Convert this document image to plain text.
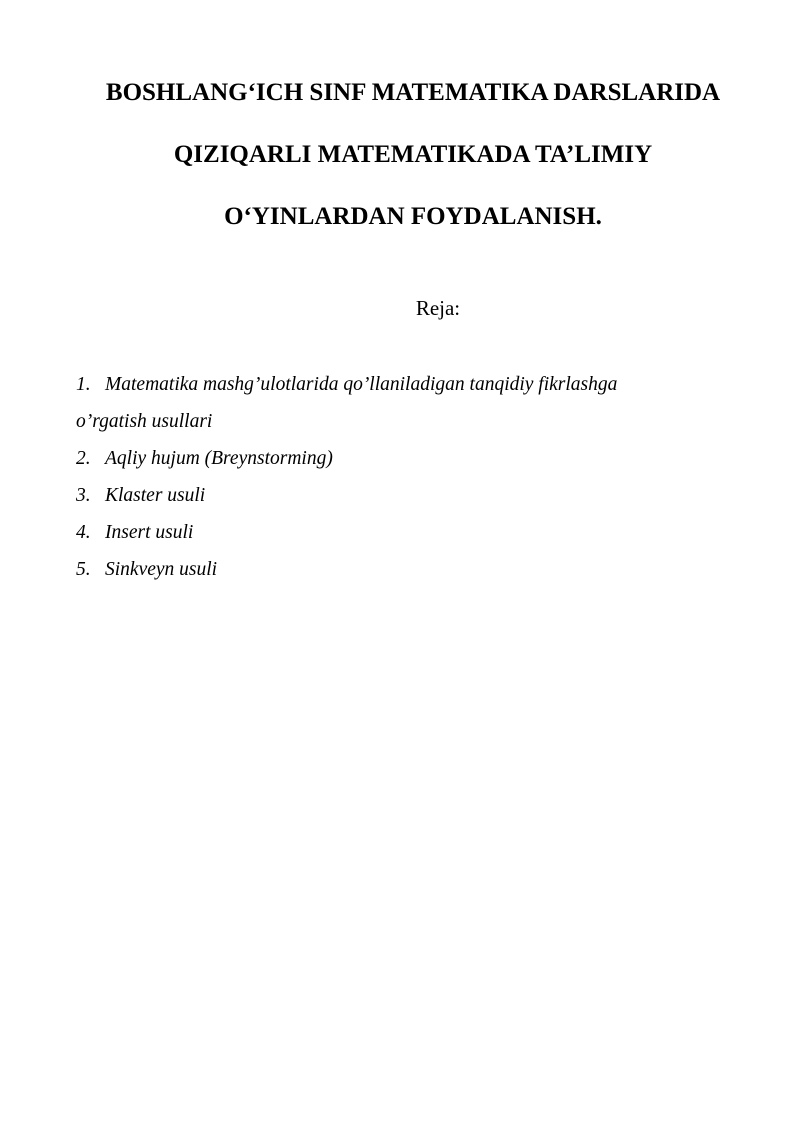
BOSHLANG‘ICH SINF MATEMATIKA DARSLARIDA
QIZIQARLI MATEMATIKADA TA’LIMIY
O‘YINLARDAN FOYDALANISH.

Reja:

1. Matematika mashg’ulotlarida qo’llaniladigan tanqidiy fikrlashga
o’rgatish usullari
2. Aqliy hujum (Breynstorming)
3. Klaster usuli
4. Insert usuli
5. Sinkveyn usuli
